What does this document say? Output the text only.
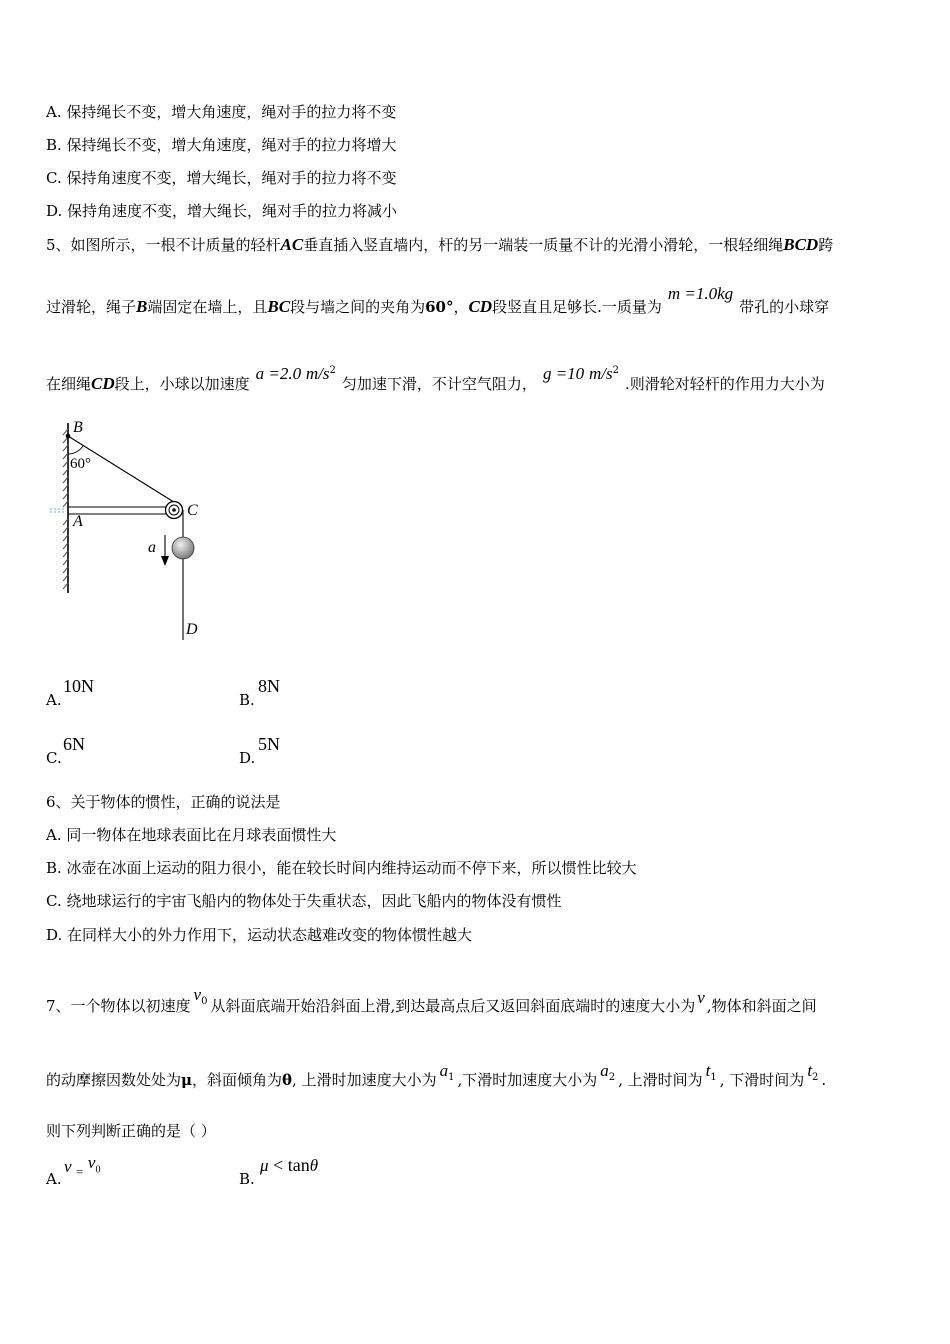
A. 保持绳长不变，增大角速度，绳对手的拉力将不变
B. 保持绳长不变，增大角速度，绳对手的拉力将增大
C. 保持角速度不变，增大绳长，绳对手的拉力将不变
D. 保持角速度不变，增大绳长，绳对手的拉力将减小
5、如图所示，一根不计质量的轻杆AC垂直插入竖直墙内，杆的另一端装一质量不计的光滑小滑轮，一根轻细绳BCD跨
过滑轮，绳子B端固定在墙上，且BC段与墙之间的夹角为60°，CD段竖直且足够长.一质量为m =1.0kg带孔的小球穿
在细绳CD段上，小球以加速度a =2.0 $m/s^2$匀加速下滑，不计空气阻力，g =10 $m/s^2$.则滑轮对轻杆的作用力大小为
B
60°
A
C
a
D
A.
10N
B.
8N
C.
6N
D.
5N
6、关于物体的惯性，正确的说法是
A. 同一物体在地球表面比在月球表面惯性大
B. 冰壶在冰面上运动的阻力很小，能在较长时间内维持运动而不停下来，所以惯性比较大
C. 绕地球运行的宇宙飞船内的物体处于失重状态，因此飞船内的物体没有惯性
D. 在同样大小的外力作用下，运动状态越难改变的物体惯性越大
7、一个物体以初速度$v_0$ 从斜面底端开始沿斜面上滑,到达最高点后又返回斜面底端时的速度大小为 v ,物体和斜面之间
的动摩擦因数处处为μ，斜面倾角为θ, 上滑时加速度大小为 $a_1$ ,下滑时加速度大小为 $a_2$ , 上滑时间为 $t_1$ , 下滑时间为 $t_2$ .
则下列判断正确的是（ ）
A.
v $_=$ $v_0$	B.
μ < tanθ
